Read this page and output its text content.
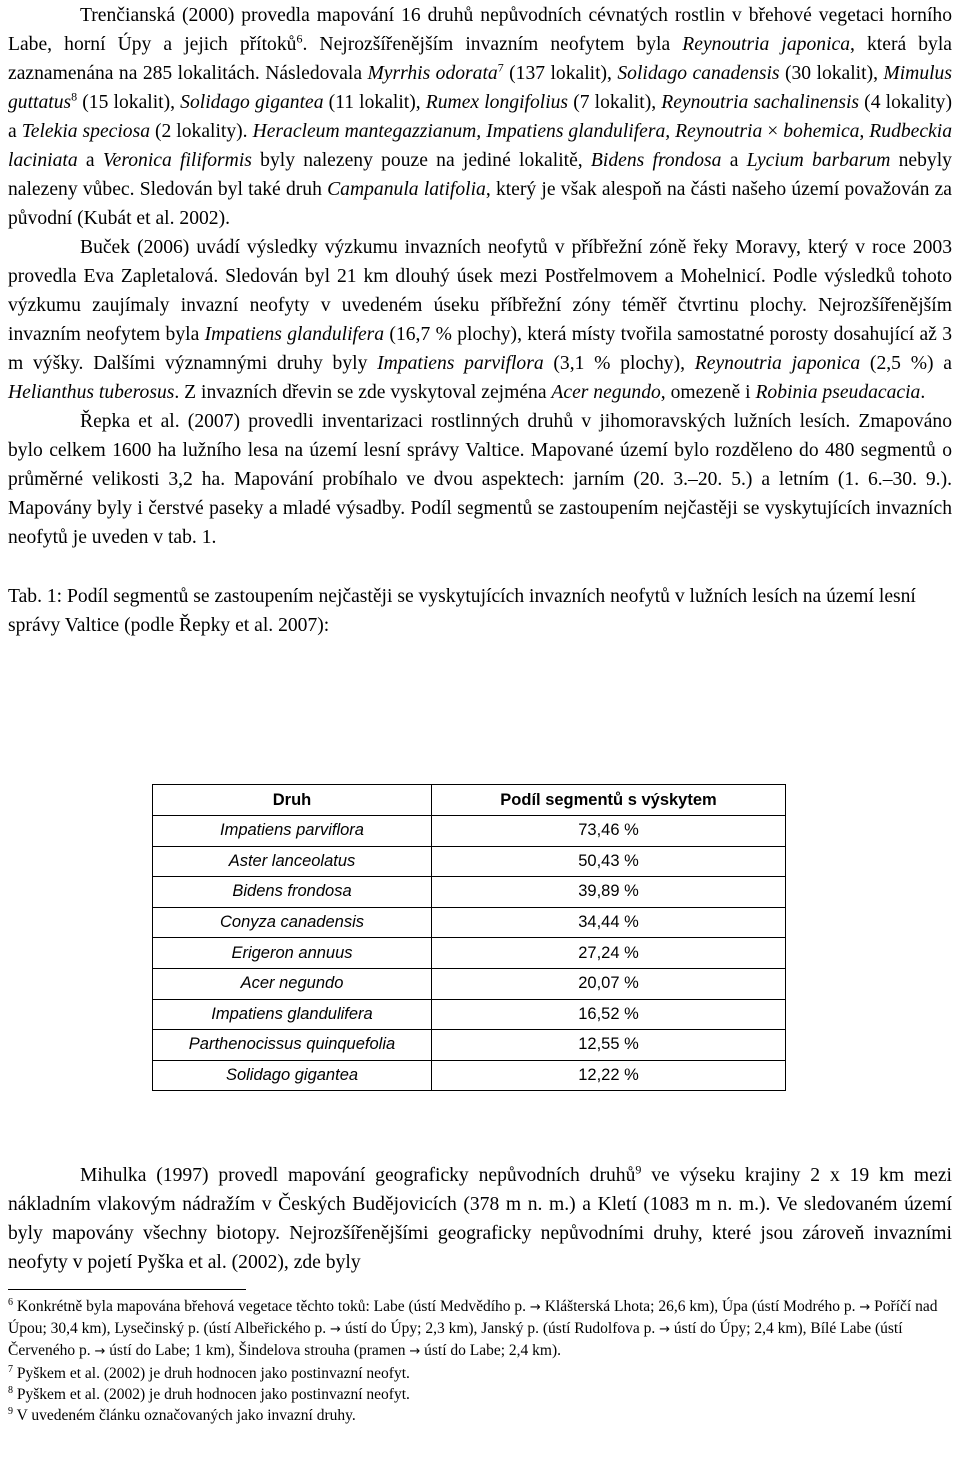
Trenčianská (2000) provedla mapování 16 druhů nepůvodních cévnatých rostlin v břehové vegetaci horního Labe, horní Úpy a jejich přítoků$^6$. Nejrozšířenějším invazním neofytem byla Reynoutria japonica, která byla zaznamenána na 285 lokalitách. Následovala Myrrhis odorata$^7$ (137 lokalit), Solidago canadensis (30 lokalit), Mimulus guttatus$^8$ (15 lokalit), Solidago gigantea (11 lokalit), Rumex longifolius (7 lokalit), Reynoutria sachalinensis (4 lokality) a Telekia speciosa (2 lokality). Heracleum mantegazzianum, Impatiens glandulifera, Reynoutria × bohemica, Rudbeckia laciniata a Veronica filiformis byly nalezeny pouze na jediné lokalitě, Bidens frondosa a Lycium barbarum nebyly nalezeny vůbec. Sledován byl také druh Campanula latifolia, který je však alespoň na části našeho území považován za původní (Kubát et al. 2002).

Buček (2006) uvádí výsledky výzkumu invazních neofytů v příbřežní zóně řeky Moravy, který v roce 2003 provedla Eva Zapletalová. Sledován byl 21 km dlouhý úsek mezi Postřelmovem a Mohelnicí. Podle výsledků tohoto výzkumu zaujímaly invazní neofyty v uvedeném úseku příbřežní zóny téměř čtvrtinu plochy. Nejrozšířenějším invazním neofytem byla Impatiens glandulifera (16,7 % plochy), která místy tvořila samostatné porosty dosahující až 3 m výšky. Dalšími významnými druhy byly Impatiens parviflora (3,1 % plochy), Reynoutria japonica (2,5 %) a Helianthus tuberosus. Z invazních dřevin se zde vyskytoval zejména Acer negundo, omezeně i Robinia pseudacacia.

Řepka et al. (2007) provedli inventarizaci rostlinných druhů v jihomoravských lužních lesích. Zmapováno bylo celkem 1600 ha lužního lesa na území lesní správy Valtice. Mapované území bylo rozděleno do 480 segmentů o průměrné velikosti 3,2 ha. Mapování probíhalo ve dvou aspektech: jarním (20. 3.–20. 5.) a letním (1. 6.–30. 9.). Mapovány byly i čerstvé paseky a mladé výsadby. Podíl segmentů se zastoupením nejčastěji se vyskytujících invazních neofytů je uveden v tab. 1.

Tab. 1: Podíl segmentů se zastoupením nejčastěji se vyskytujících invazních neofytů v lužních lesích na území lesní správy Valtice (podle Řepky et al. 2007):

Druh	Podíl segmentů s výskytem
Impatiens parviflora	73,46 %
Aster lanceolatus	50,43 %
Bidens frondosa	39,89 %
Conyza canadensis	34,44 %
Erigeron annuus	27,24 %
Acer negundo	20,07 %
Impatiens glandulifera	16,52 %
Parthenocissus quinquefolia	12,55 %
Solidago gigantea	12,22 %

Mihulka (1997) provedl mapování geograficky nepůvodních druhů$^9$ ve výseku krajiny 2 x 19 km mezi nákladním vlakovým nádražím v Českých Budějovicích (378 m n. m.) a Kletí (1083 m n. m.). Ve sledovaném území byly mapovány všechny biotopy. Nejrozšířenějšími geograficky nepůvodními druhy, které jsou zároveň invazními neofyty v pojetí Pyška et al. (2002), zde byly

$^6$ Konkrétně byla mapována břehová vegetace těchto toků: Labe (ústí Medvědího p. → Klášterská Lhota; 26,6 km), Úpa (ústí Modrého p. → Poříčí nad Úpou; 30,4 km), Lysečinský p. (ústí Albeřického p. → ústí do Úpy; 2,3 km), Janský p. (ústí Rudolfova p. → ústí do Úpy; 2,4 km), Bílé Labe (ústí Červeného p. → ústí do Labe; 1 km), Šindelova strouha (pramen → ústí do Labe; 2,4 km).

$^7$ Pyškem et al. (2002) je druh hodnocen jako postinvazní neofyt.

$^8$ Pyškem et al. (2002) je druh hodnocen jako postinvazní neofyt.

$^9$ V uvedeném článku označovaných jako invazní druhy.
